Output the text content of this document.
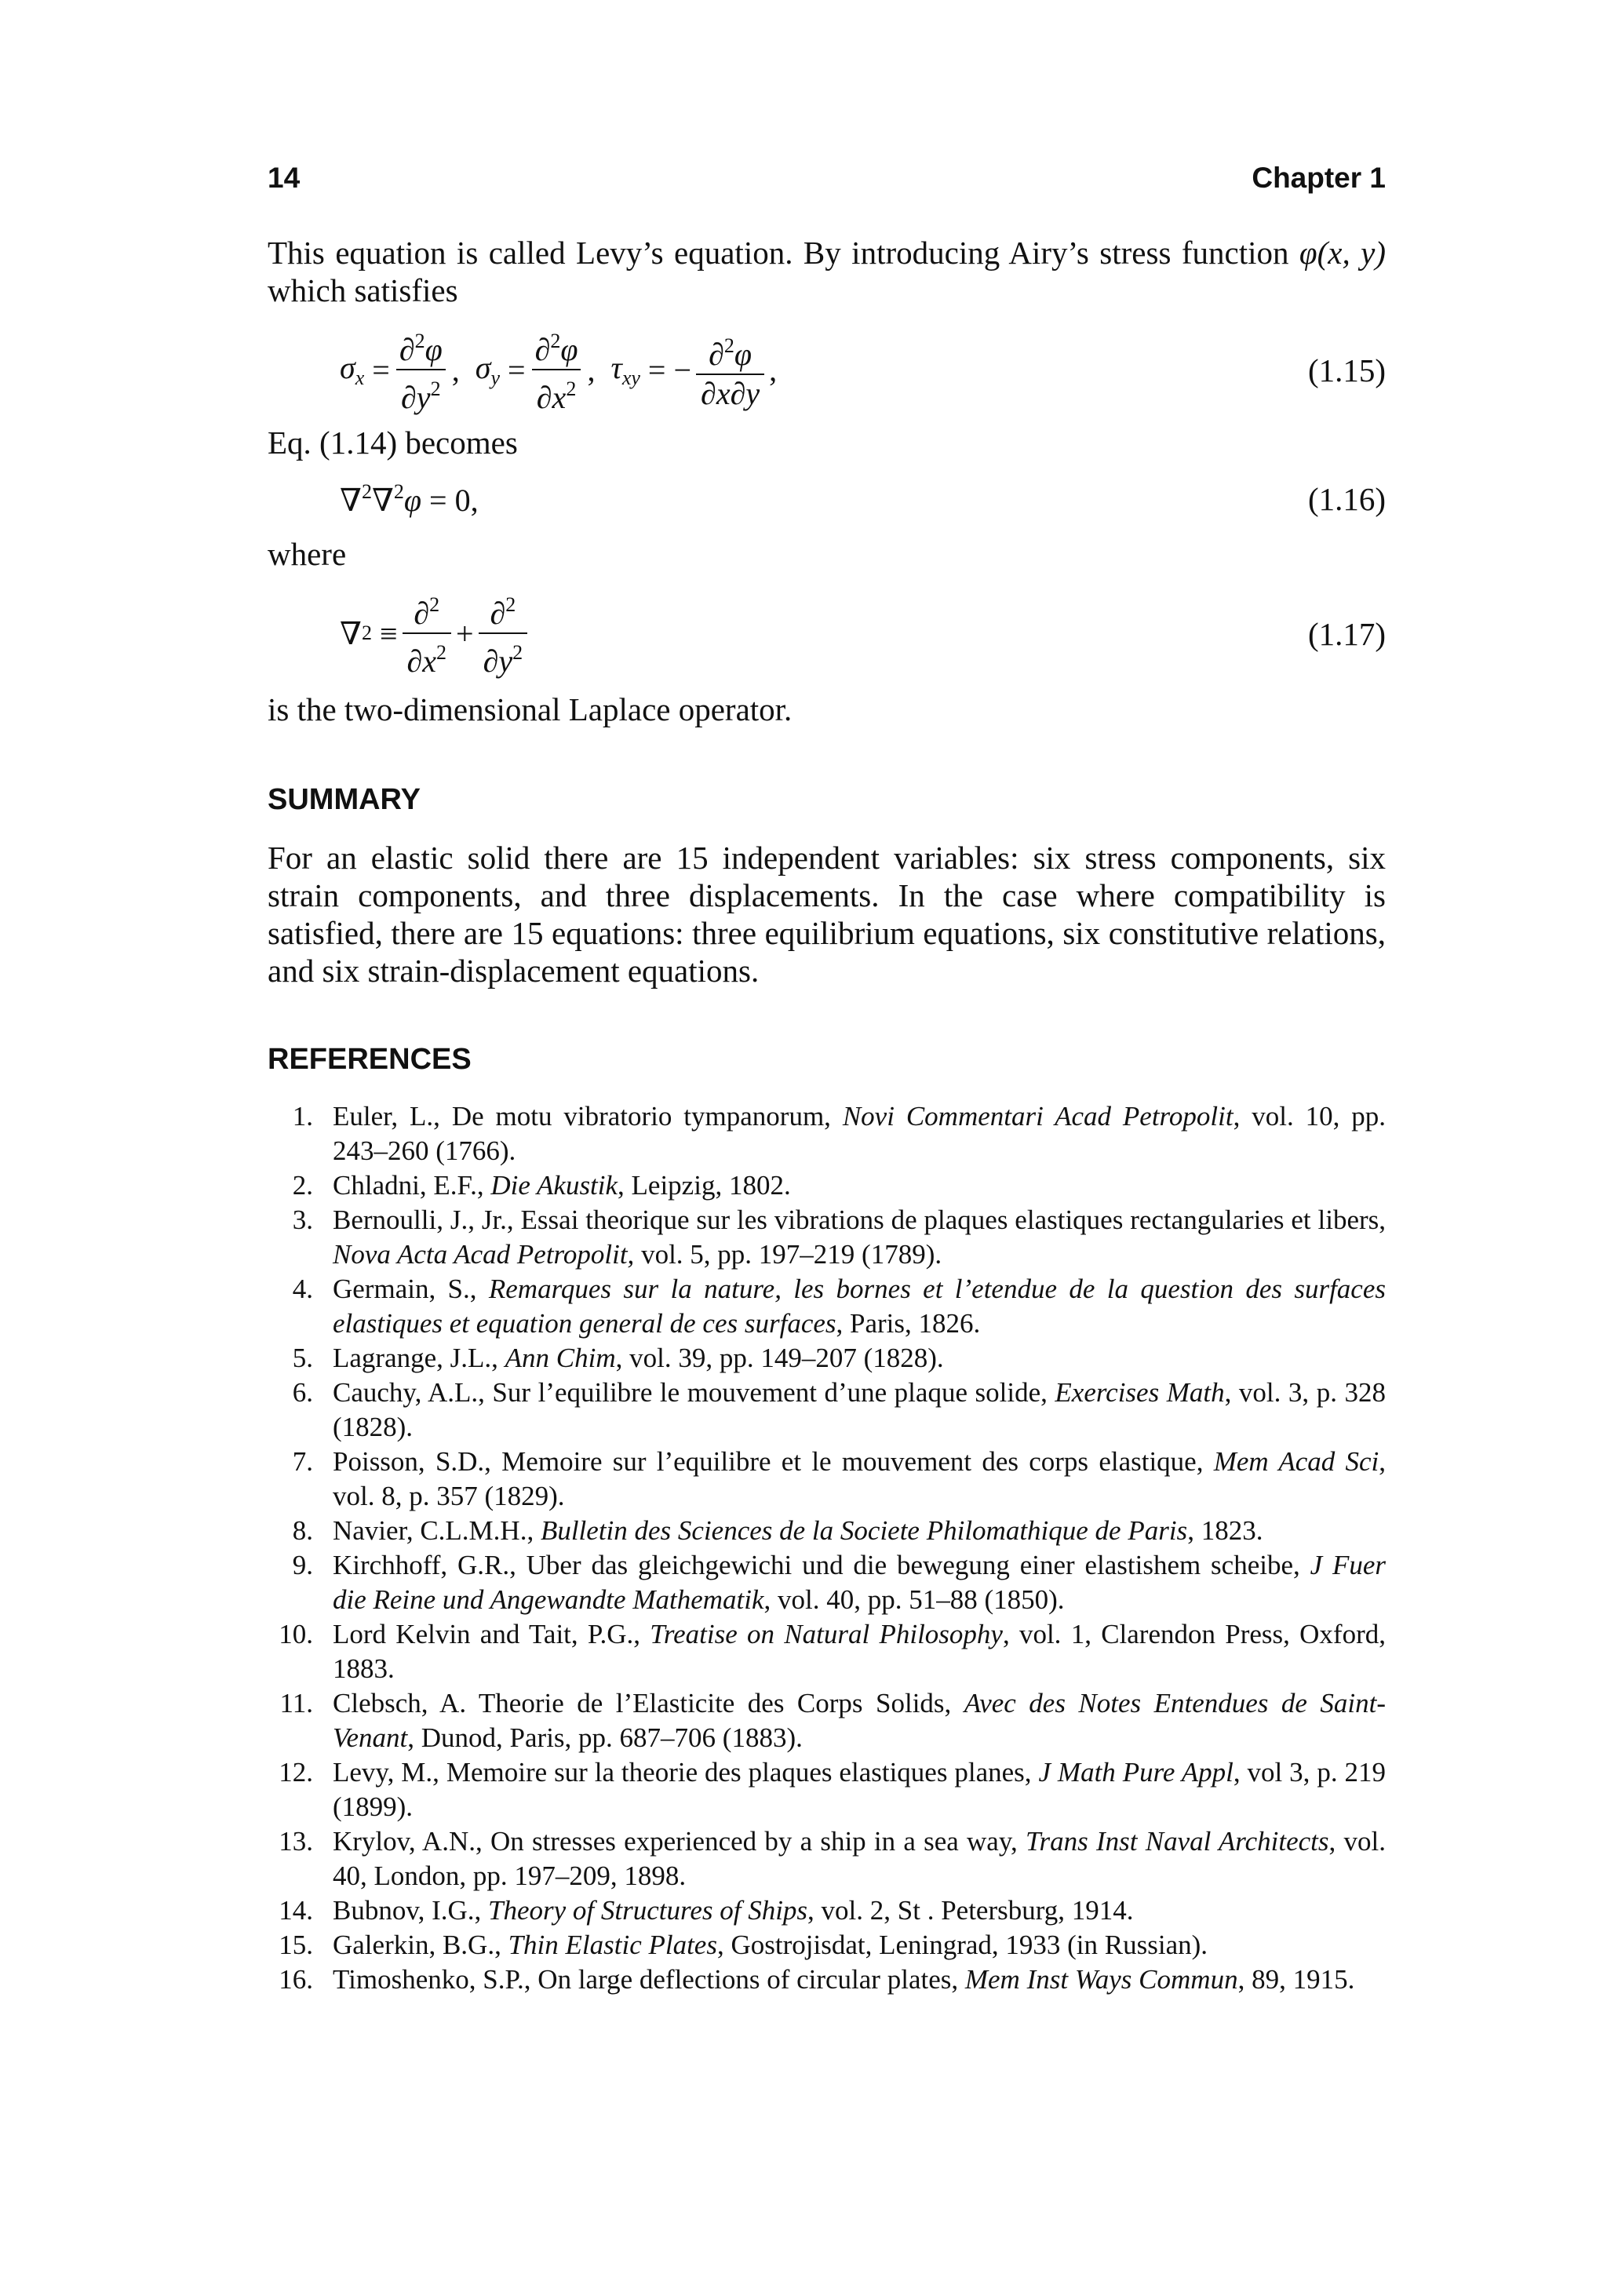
14	Chapter 1

This equation is called Levy’s equation. By introducing Airy’s stress function φ(x, y)

which satisfies

$\sigma_x = \frac{\partial^2\varphi}{\partial y^2}$ , $\sigma_y = \frac{\partial^2\varphi}{\partial x^2}$ , $\tau_{xy}$ = − $\frac{\partial^2\varphi}{\partial x\partial y}$ ,	(1.15)

Eq. (1.14) becomes

∇$^2$∇$^2$φ = 0,	(1.16)

where

∇ $2 \equiv \frac{\partial^2}{\partial x^2} + \frac{\partial^2}{\partial y^2}$	(1.17)

is the two-dimensional Laplace operator.

SUMMARY

For an elastic solid there are 15 independent variables: six stress components, six strain components, and three displacements. In the case where compatibility is satisfied, there are 15 equations: three equilibrium equations, six constitutive relations, and six strain-displacement equations.

REFERENCES
1. Euler, L., De motu vibratorio tympanorum, Novi Commentari Acad Petropolit, vol. 10, pp. 243–260 (1766).
2. Chladni, E.F., Die Akustik, Leipzig, 1802.
3. Bernoulli, J., Jr., Essai theorique sur les vibrations de plaques elastiques rectangularies et libers, Nova Acta Acad Petropolit, vol. 5, pp. 197–219 (1789).
4. Germain, S., Remarques sur la nature, les bornes et l’etendue de la question des surfaces elastiques et equation general de ces surfaces, Paris, 1826.
5. Lagrange, J.L., Ann Chim, vol. 39, pp. 149–207 (1828).
6. Cauchy, A.L., Sur l’equilibre le mouvement d’une plaque solide, Exercises Math, vol. 3, p. 328 (1828).
7. Poisson, S.D., Memoire sur l’equilibre et le mouvement des corps elastique, Mem Acad Sci, vol. 8, p. 357 (1829).
8. Navier, C.L.M.H., Bulletin des Sciences de la Societe Philomathique de Paris, 1823.
9. Kirchhoff, G.R., Uber das gleichgewichi und die bewegung einer elastishem scheibe, J Fuer die Reine und Angewandte Mathematik, vol. 40, pp. 51–88 (1850).
10. Lord Kelvin and Tait, P.G., Treatise on Natural Philosophy, vol. 1, Clarendon Press, Oxford, 1883.
11. Clebsch, A. Theorie de l’Elasticite des Corps Solids, Avec des Notes Entendues de Saint-Venant, Dunod, Paris, pp. 687–706 (1883).
12. Levy, M., Memoire sur la theorie des plaques elastiques planes, J Math Pure Appl, vol 3, p. 219 (1899).
13. Krylov, A.N., On stresses experienced by a ship in a sea way, Trans Inst Naval Architects, vol. 40, London, pp. 197–209, 1898.
14. Bubnov, I.G., Theory of Structures of Ships, vol. 2, St . Petersburg, 1914.
15. Galerkin, B.G., Thin Elastic Plates, Gostrojisdat, Leningrad, 1933 (in Russian).
16. Timoshenko, S.P., On large deflections of circular plates, Mem Inst Ways Commun, 89, 1915.
